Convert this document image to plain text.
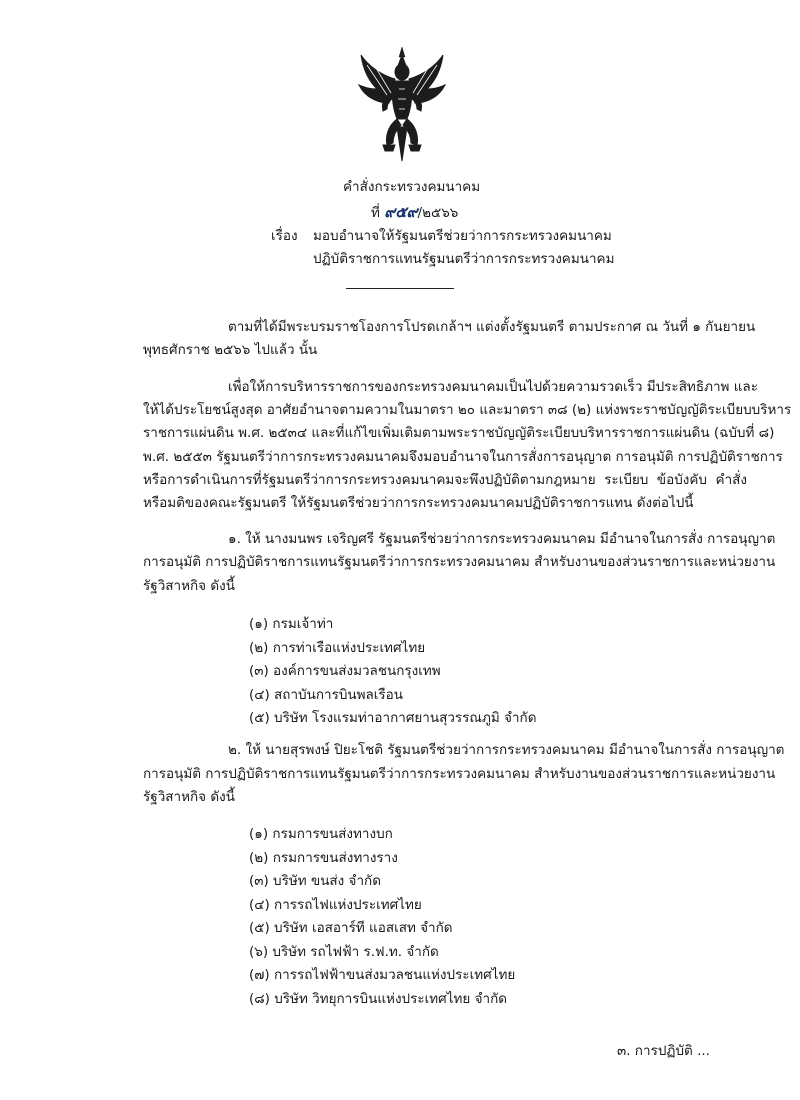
คำสั่งกระทรวงคมนาคม
ที่ ๙๕๙/๒๕๖๖
เรื่อง มอบอำนาจให้รัฐมนตรีช่วยว่าการกระทรวงคมนาคม
ปฏิบัติราชการแทนรัฐมนตรีว่าการกระทรวงคมนาคม
ตามที่ได้มีพระบรมราชโองการโปรดเกล้าฯ แต่งตั้งรัฐมนตรี ตามประกาศ ณ วันที่ ๑ กันยายน
พุทธศักราช ๒๕๖๖ ไปแล้ว นั้น
เพื่อให้การบริหารราชการของกระทรวงคมนาคมเป็นไปด้วยความรวดเร็ว มีประสิทธิภาพ และ
ให้ได้ประโยชน์สูงสุด อาศัยอำนาจตามความในมาตรา ๒๐ และมาตรา ๓๘ (๒) แห่งพระราชบัญญัติระเบียบบริหาร
ราชการแผ่นดิน พ.ศ. ๒๕๓๔ และที่แก้ไขเพิ่มเติมตามพระราชบัญญัติระเบียบบริหารราชการแผ่นดิน (ฉบับที่ ๘)
พ.ศ. ๒๕๕๓ รัฐมนตรีว่าการกระทรวงคมนาคมจึงมอบอำนาจในการสั่งการอนุญาต การอนุมัติ การปฏิบัติราชการ
หรือการดำเนินการที่รัฐมนตรีว่าการกระทรวงคมนาคมจะพึงปฏิบัติตามกฎหมาย ระเบียบ ข้อบังคับ คำสั่ง
หรือมติของคณะรัฐมนตรี ให้รัฐมนตรีช่วยว่าการกระทรวงคมนาคมปฏิบัติราชการแทน ดังต่อไปนี้
๑. ให้ นางมนพร เจริญศรี รัฐมนตรีช่วยว่าการกระทรวงคมนาคม มีอำนาจในการสั่ง การอนุญาต
การอนุมัติ การปฏิบัติราชการแทนรัฐมนตรีว่าการกระทรวงคมนาคม สำหรับงานของส่วนราชการและหน่วยงาน
รัฐวิสาหกิจ ดังนี้
(๑) กรมเจ้าท่า
(๒) การท่าเรือแห่งประเทศไทย
(๓) องค์การขนส่งมวลชนกรุงเทพ
(๔) สถาบันการบินพลเรือน
(๕) บริษัท โรงแรมท่าอากาศยานสุวรรณภูมิ จำกัด
๒. ให้ นายสุรพงษ์ ปิยะโชติ รัฐมนตรีช่วยว่าการกระทรวงคมนาคม มีอำนาจในการสั่ง การอนุญาต
การอนุมัติ การปฏิบัติราชการแทนรัฐมนตรีว่าการกระทรวงคมนาคม สำหรับงานของส่วนราชการและหน่วยงาน
รัฐวิสาหกิจ ดังนี้
(๑) กรมการขนส่งทางบก
(๒) กรมการขนส่งทางราง
(๓) บริษัท ขนส่ง จำกัด
(๔) การรถไฟแห่งประเทศไทย
(๕) บริษัท เอสอาร์ที แอสเสท จำกัด
(๖) บริษัท รถไฟฟ้า ร.ฟ.ท. จำกัด
(๗) การรถไฟฟ้าขนส่งมวลชนแห่งประเทศไทย
(๘) บริษัท วิทยุการบินแห่งประเทศไทย จำกัด
๓. การปฏิบัติ ...
